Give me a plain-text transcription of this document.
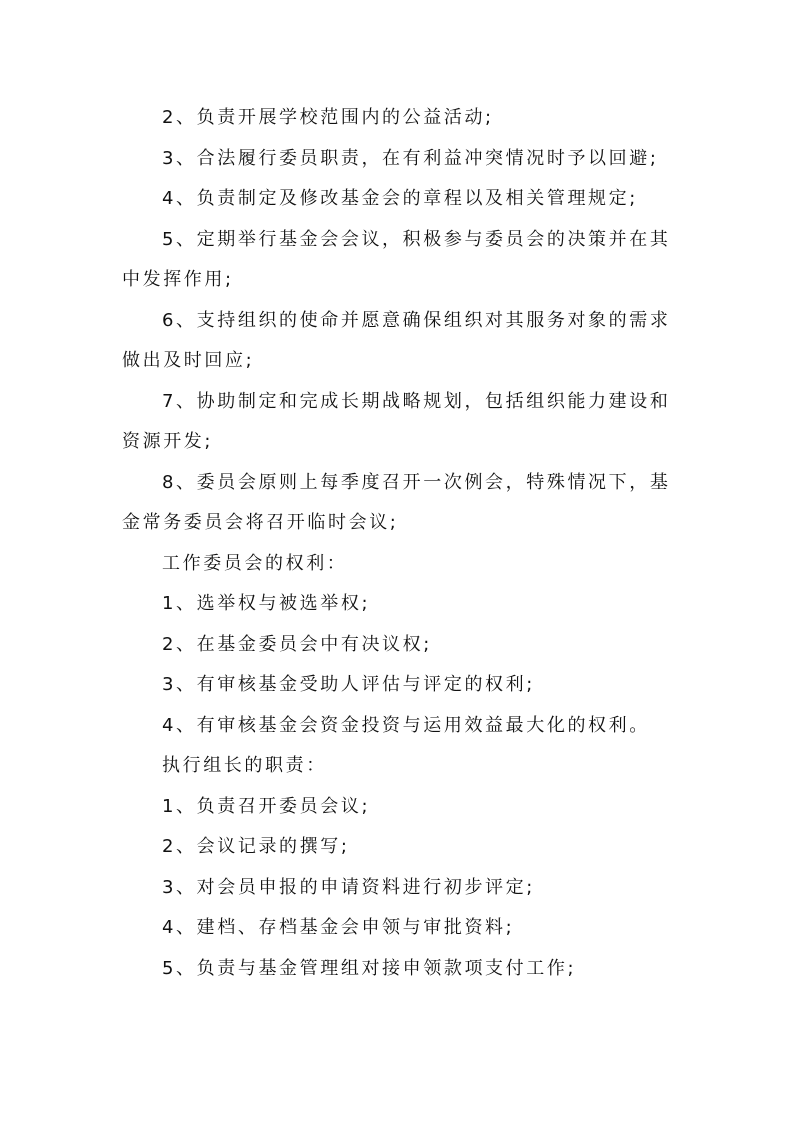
2、负责开展学校范围内的公益活动;

3、合法履行委员职责，在有利益冲突情况时予以回避;

4、负责制定及修改基金会的章程以及相关管理规定;

5、定期举行基金会会议，积极参与委员会的决策并在其中发挥作用;

6、支持组织的使命并愿意确保组织对其服务对象的需求做出及时回应;

7、协助制定和完成长期战略规划，包括组织能力建设和资源开发;

8、委员会原则上每季度召开一次例会，特殊情况下，基金常务委员会将召开临时会议;

工作委员会的权利：

1、选举权与被选举权;

2、在基金委员会中有决议权;

3、有审核基金受助人评估与评定的权利;

4、有审核基金会资金投资与运用效益最大化的权利。

执行组长的职责：

1、负责召开委员会议;

2、会议记录的撰写;

3、对会员申报的申请资料进行初步评定;

4、建档、存档基金会申领与审批资料;

5、负责与基金管理组对接申领款项支付工作;
